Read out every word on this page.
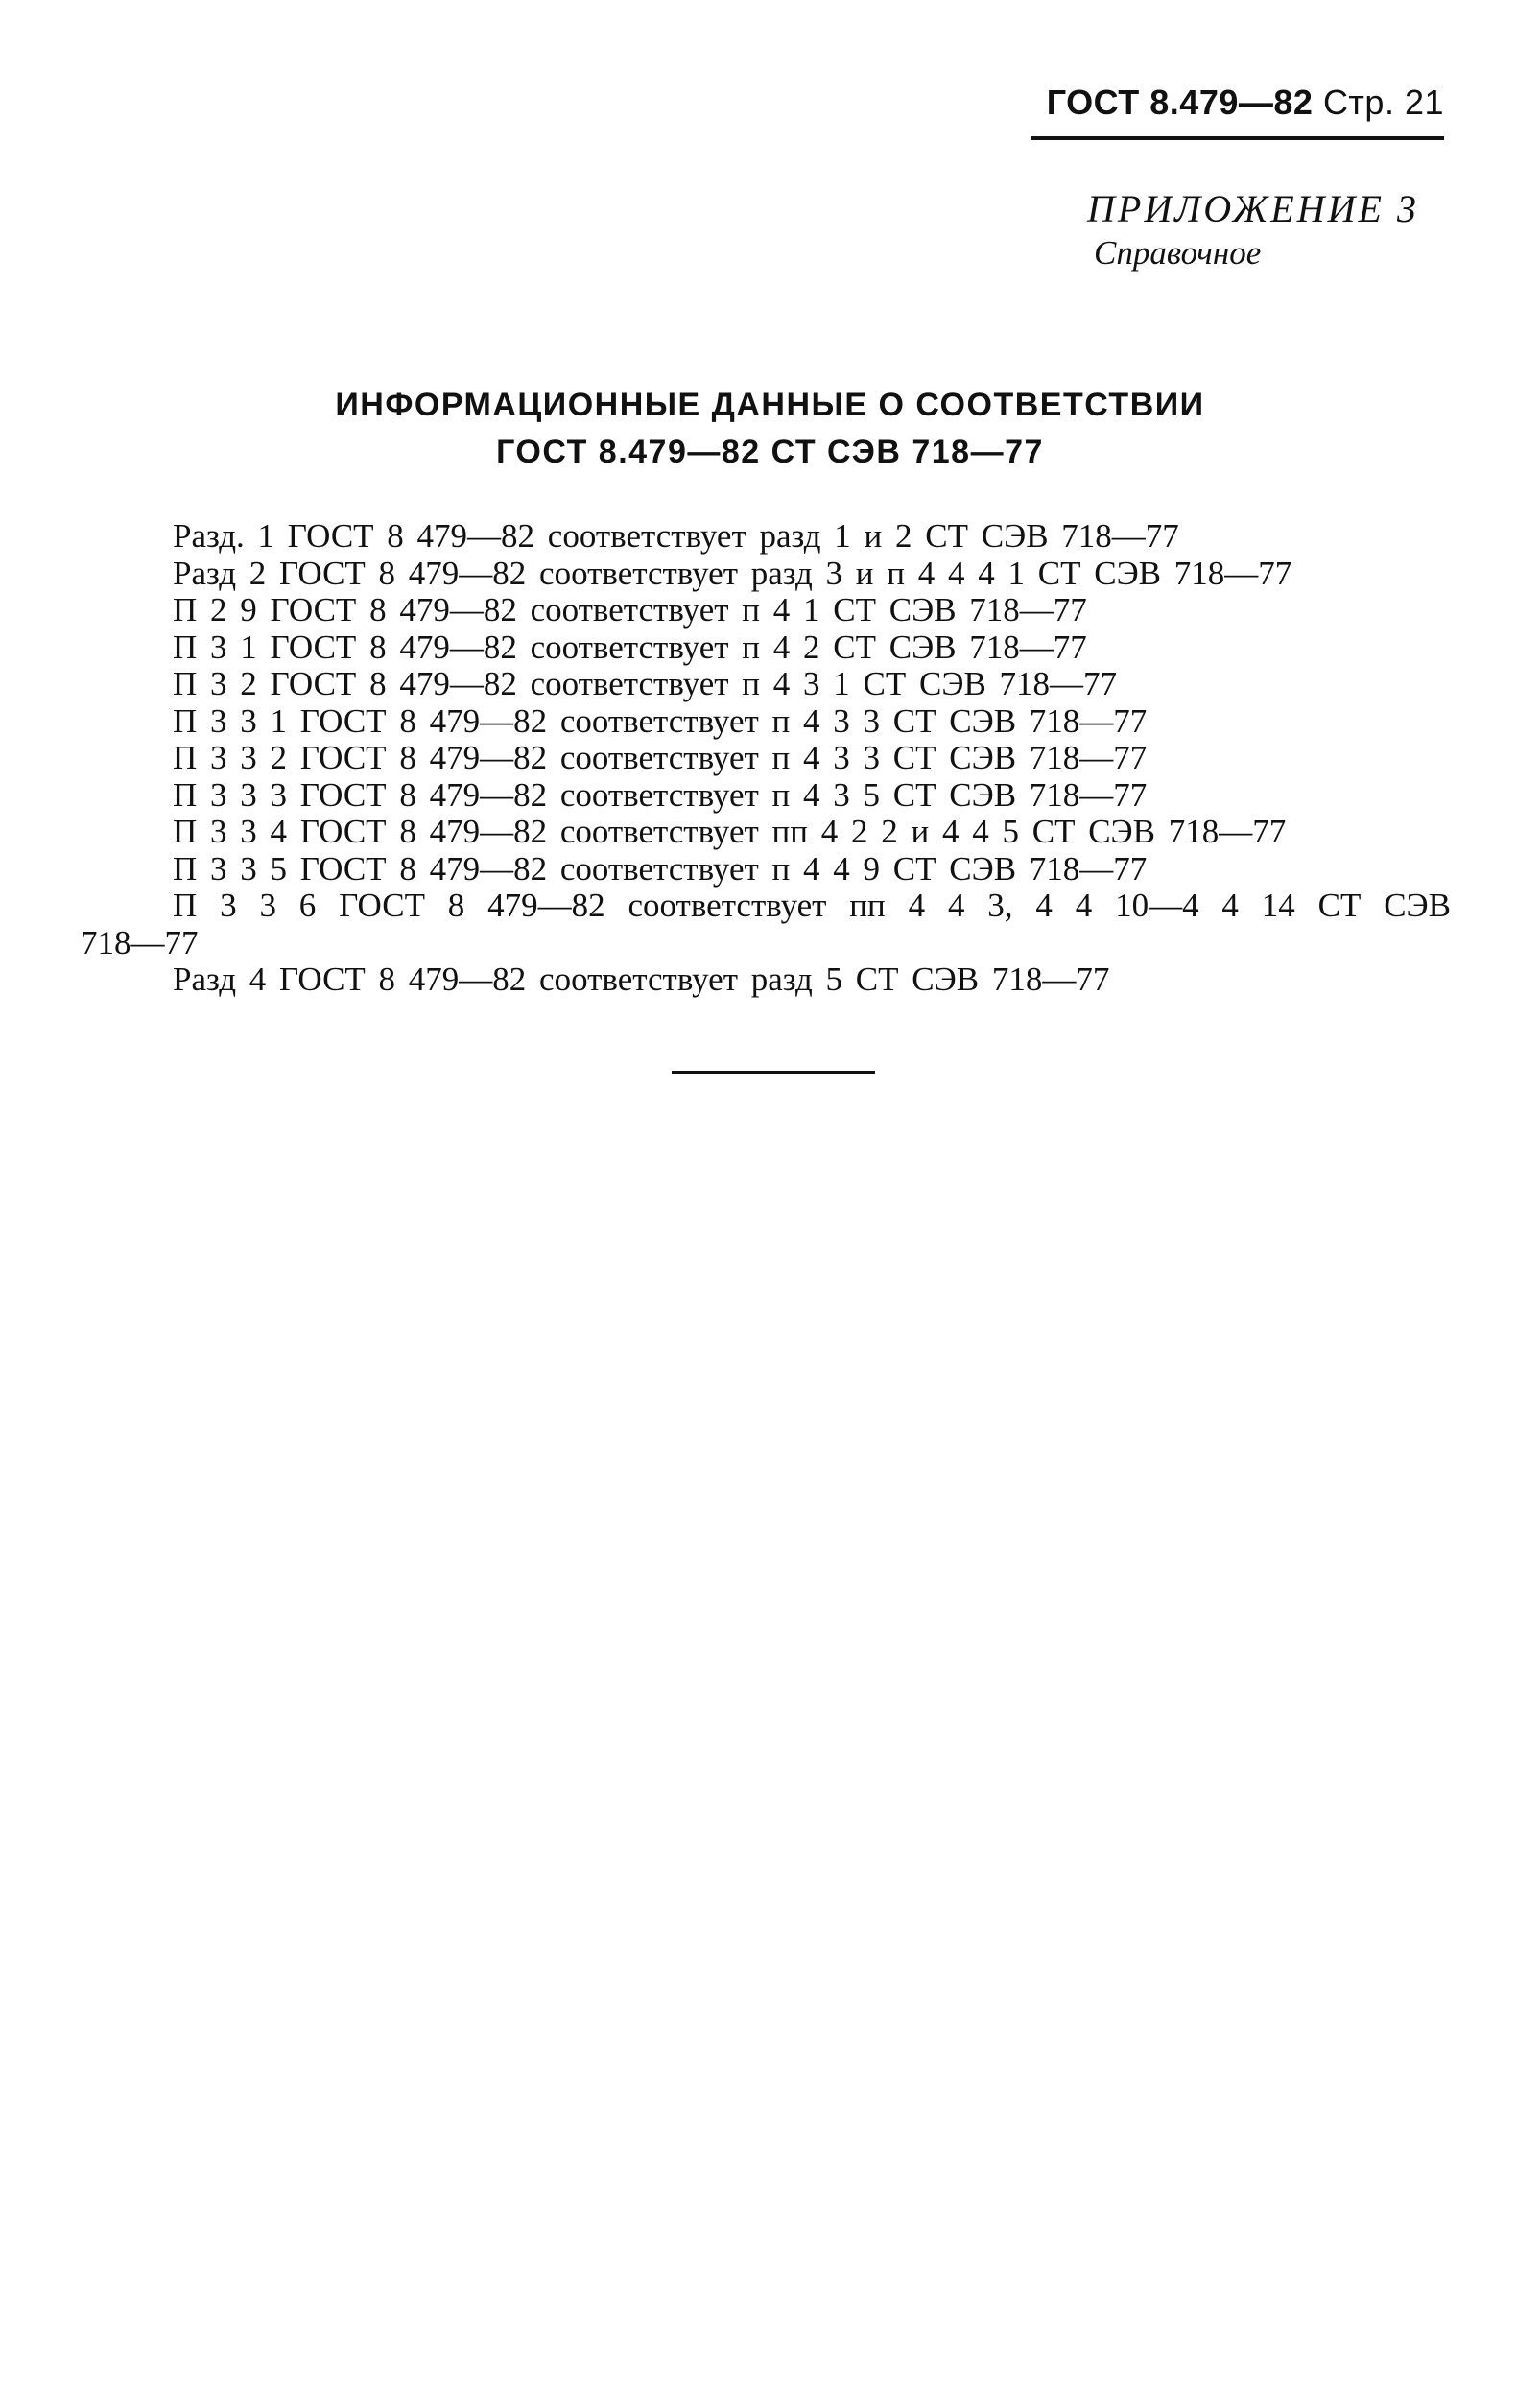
ГОСТ 8.479—82 Стр. 21
ПРИЛОЖЕНИЕ 3
Справочное
ИНФОРМАЦИОННЫЕ ДАННЫЕ О СООТВЕТСТВИИ
ГОСТ 8.479—82 СТ СЭВ 718—77
Разд. 1 ГОСТ 8 479—82 соответствует разд 1 и 2 СТ СЭВ 718—77
Разд 2 ГОСТ 8 479—82 соответствует разд 3 и п 4 4 4 1 СТ СЭВ 718—77
П 2 9 ГОСТ 8 479—82 соответствует п 4 1 СТ СЭВ 718—77
П 3 1 ГОСТ 8 479—82 соответствует п 4 2 СТ СЭВ 718—77
П 3 2 ГОСТ 8 479—82 соответствует п 4 3 1 СТ СЭВ 718—77
П 3 3 1 ГОСТ 8 479—82 соответствует п 4 3 3 СТ СЭВ 718—77
П 3 3 2 ГОСТ 8 479—82 соответствует п 4 3 3 СТ СЭВ 718—77
П 3 3 3 ГОСТ 8 479—82 соответствует п 4 3 5 СТ СЭВ 718—77
П 3 3 4 ГОСТ 8 479—82 соответствует пп 4 2 2 и 4 4 5 СТ СЭВ 718—77
П 3 3 5 ГОСТ 8 479—82 соответствует п 4 4 9 СТ СЭВ 718—77
П 3 3 6 ГОСТ 8 479—82 соответствует пп 4 4 3, 4 4 10—4 4 14 СТ СЭВ
718—77
Разд 4 ГОСТ 8 479—82 соответствует разд 5 СТ СЭВ 718—77
